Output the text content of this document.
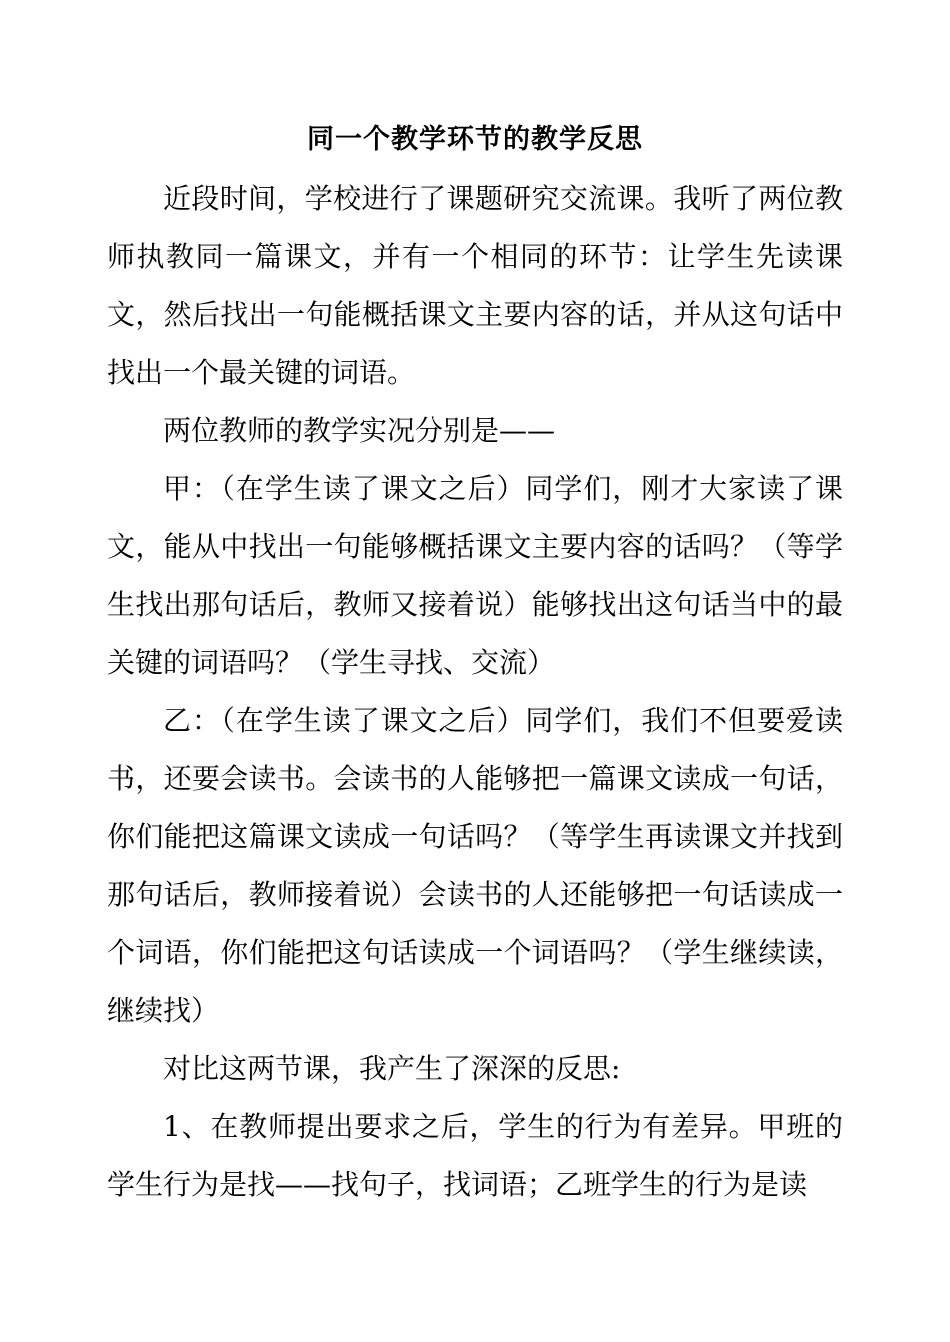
同一个教学环节的教学反思

近段时间，学校进行了课题研究交流课。我听了两位教师执教同一篇课文，并有一个相同的环节：让学生先读课文，然后找出一句能概括课文主要内容的话，并从这句话中找出一个最关键的词语。

两位教师的教学实况分别是——

甲：（在学生读了课文之后）同学们，刚才大家读了课文，能从中找出一句能够概括课文主要内容的话吗？（等学生找出那句话后，教师又接着说）能够找出这句话当中的最关键的词语吗？（学生寻找、交流）

乙：（在学生读了课文之后）同学们，我们不但要爱读书，还要会读书。会读书的人能够把一篇课文读成一句话，你们能把这篇课文读成一句话吗？（等学生再读课文并找到那句话后，教师接着说）会读书的人还能够把一句话读成一个词语，你们能把这句话读成一个词语吗？（学生继续读，继续找）

对比这两节课，我产生了深深的反思:

1、在教师提出要求之后，学生的行为有差异。甲班的学生行为是找——找句子，找词语；乙班学生的行为是读
